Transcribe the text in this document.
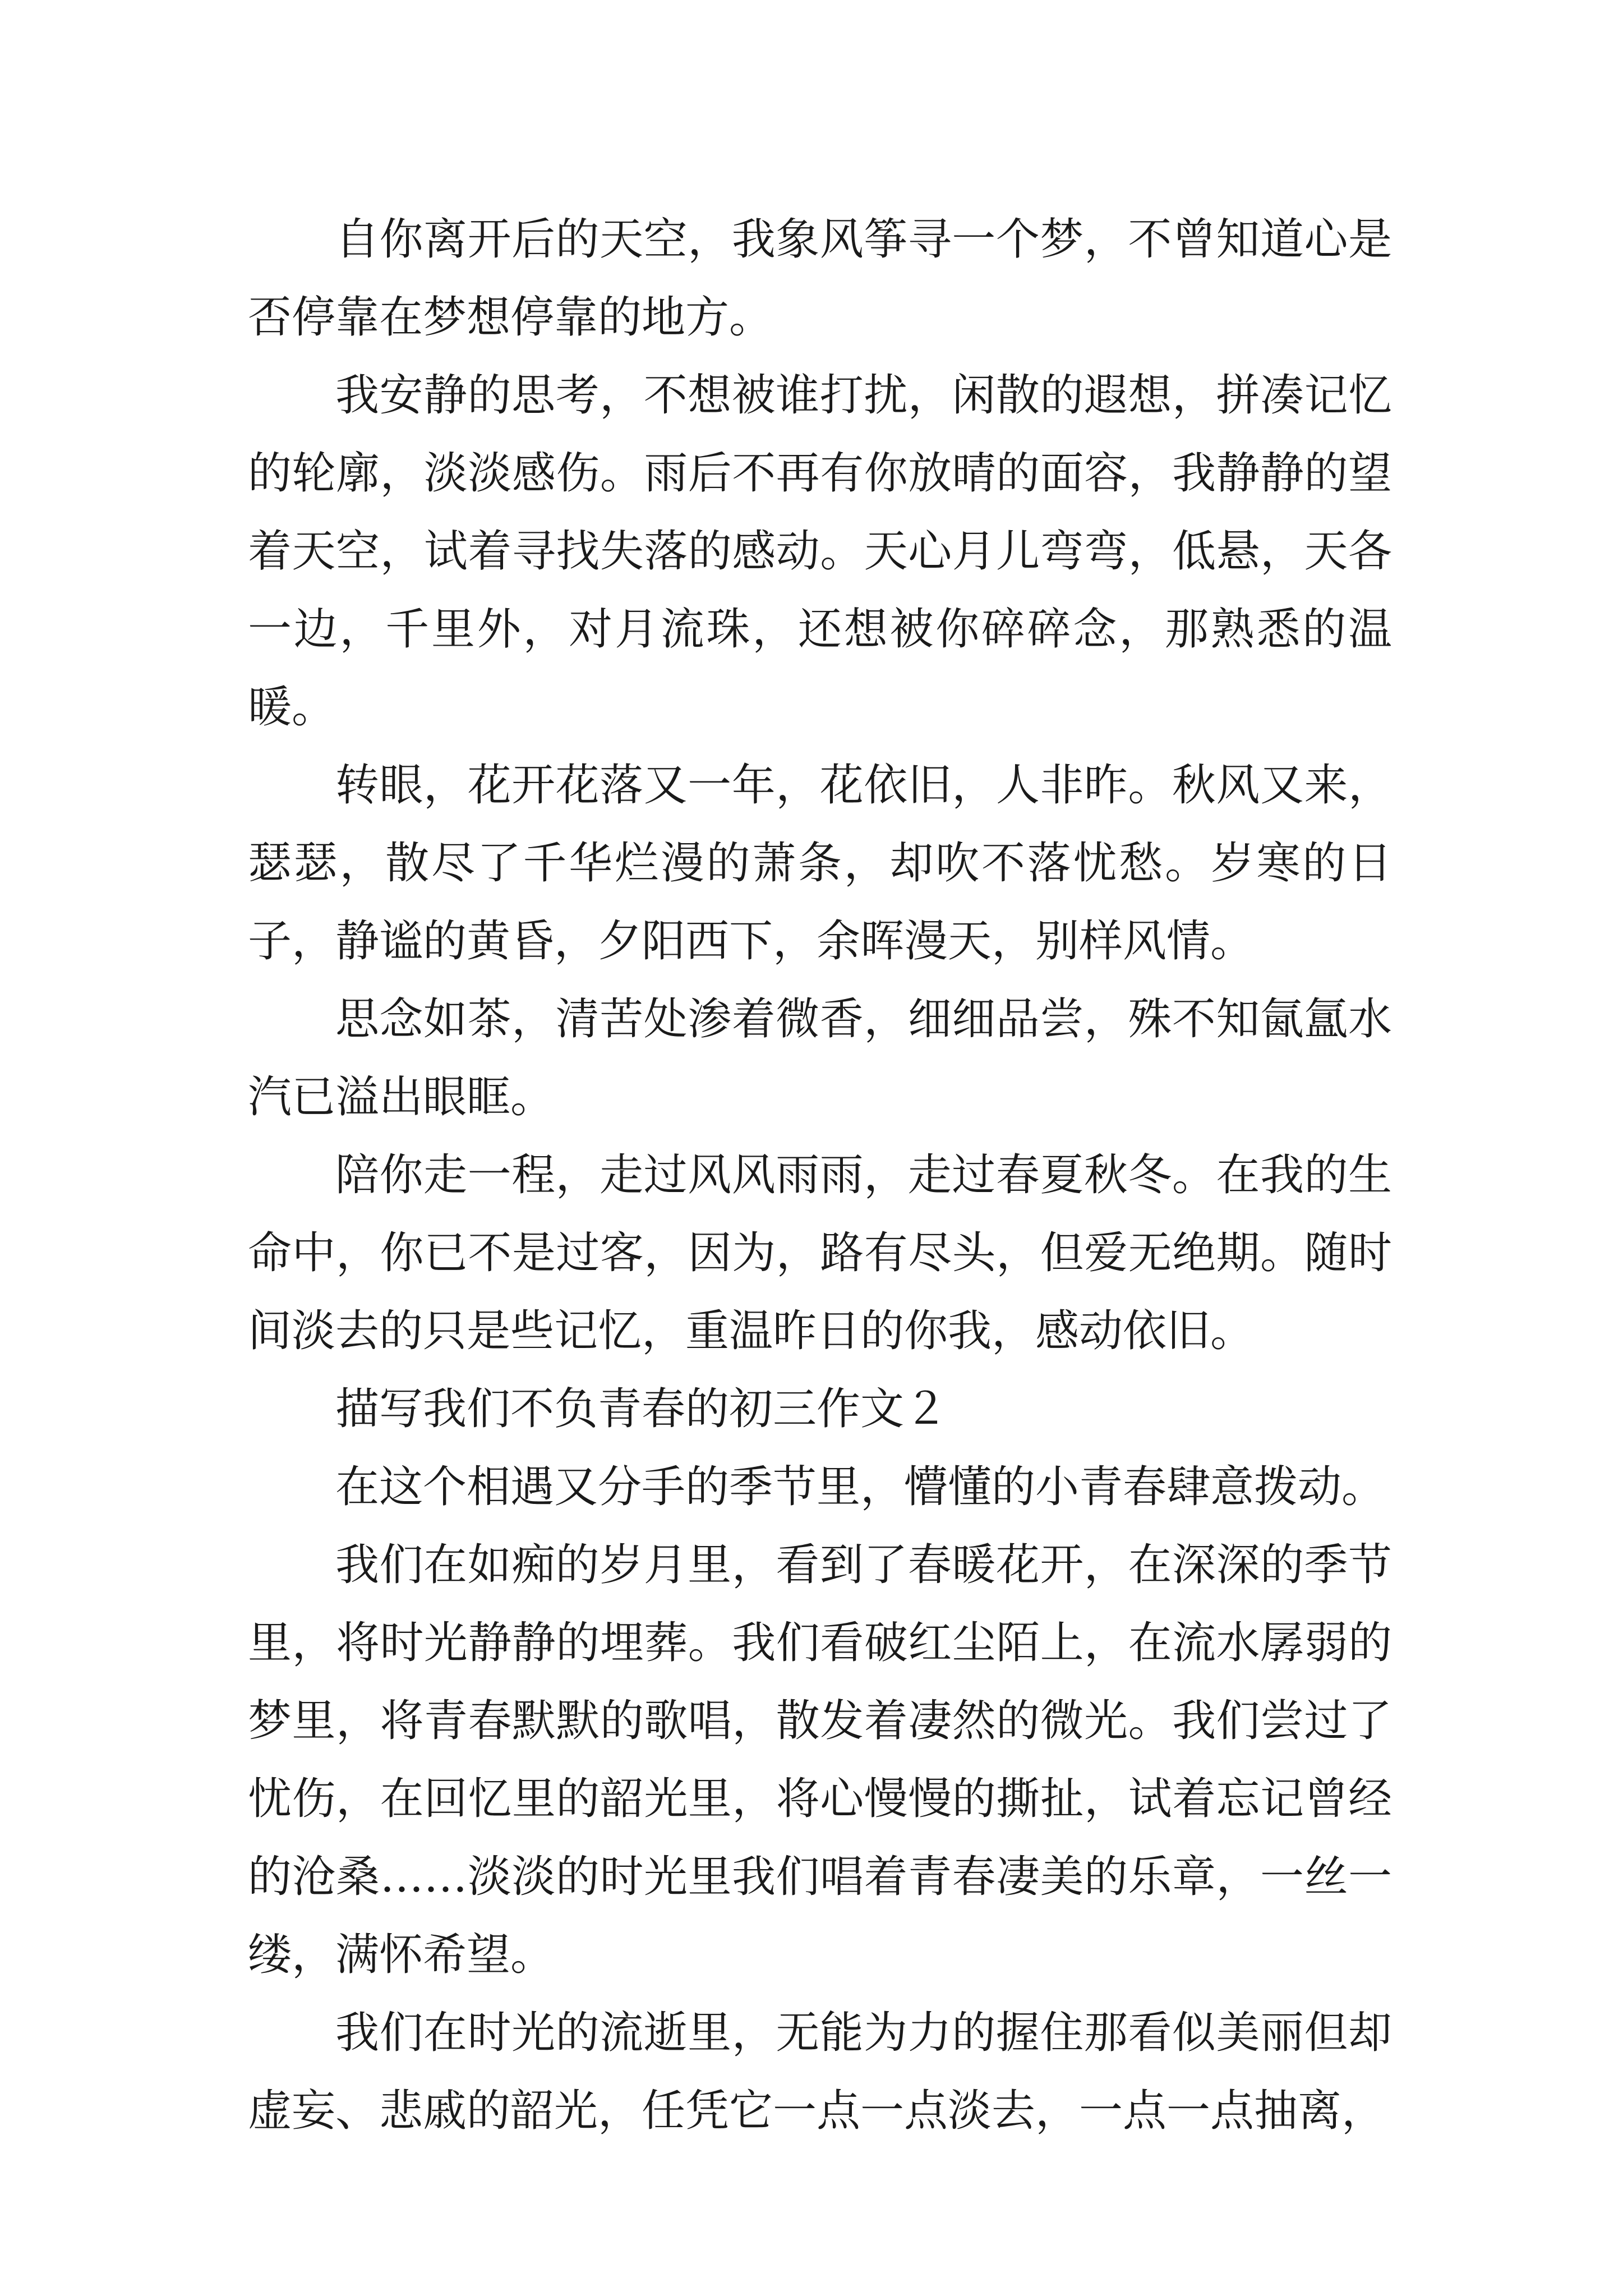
自你离开后的天空，我象风筝寻一个梦，不曾知道心是否停靠在梦想停靠的地方。

我安静的思考，不想被谁打扰，闲散的遐想，拼凑记忆的轮廓，淡淡感伤。雨后不再有你放晴的面容，我静静的望着天空，试着寻找失落的感动。天心月儿弯弯，低悬，天各一边，千里外，对月流珠，还想被你碎碎念，那熟悉的温暖。

转眼，花开花落又一年，花依旧，人非昨。秋风又来，瑟瑟，散尽了千华烂漫的萧条，却吹不落忧愁。岁寒的日子，静谧的黄昏，夕阳西下，余晖漫天，别样风情。

思念如茶，清苦处渗着微香，细细品尝，殊不知氤氲水汽已溢出眼眶。

陪你走一程，走过风风雨雨，走过春夏秋冬。在我的生命中，你已不是过客，因为，路有尽头，但爱无绝期。随时间淡去的只是些记忆，重温昨日的你我，感动依旧。

描写我们不负青春的初三作文２

在这个相遇又分手的季节里，懵懂的小青春肆意拨动。

我们在如痴的岁月里，看到了春暖花开，在深深的季节里，将时光静静的埋葬。我们看破红尘陌上，在流水孱弱的梦里，将青春默默的歌唱，散发着凄然的微光。我们尝过了忧伤，在回忆里的韶光里，将心慢慢的撕扯，试着忘记曾经的沧桑……淡淡的时光里我们唱着青春凄美的乐章，一丝一缕，满怀希望。

我们在时光的流逝里，无能为力的握住那看似美丽但却虚妄、悲戚的韶光，任凭它一点一点淡去，一点一点抽离，
